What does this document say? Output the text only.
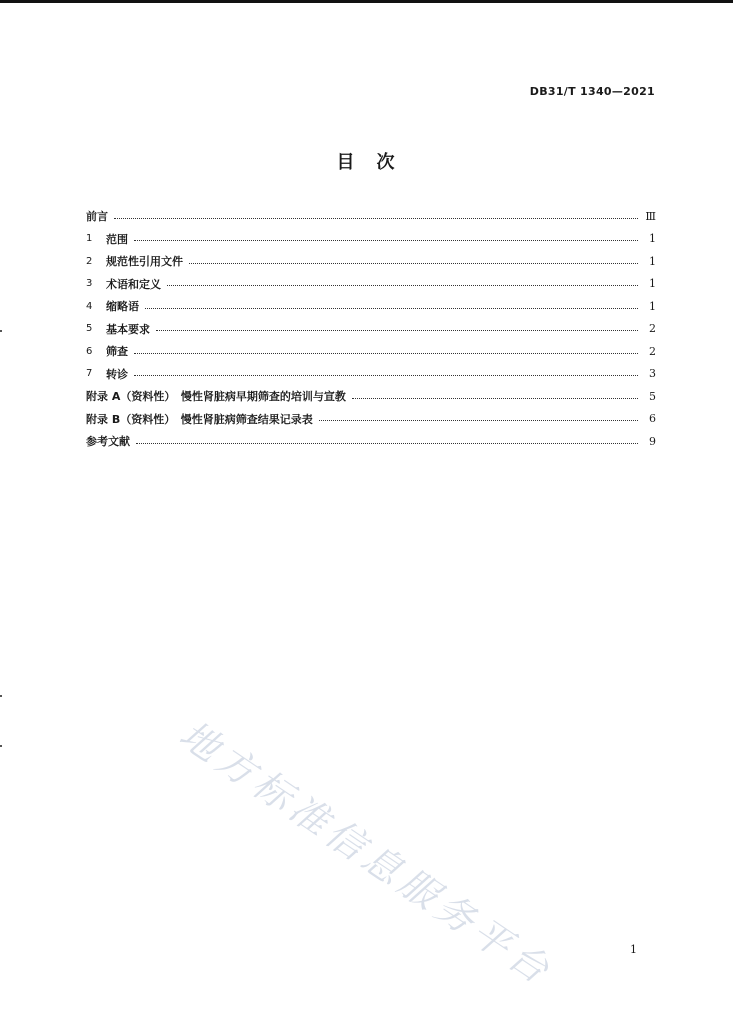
DB31/T 1340—2021
目　次
前言	Ⅲ
1	范围	1
2	规范性引用文件	1
3	术语和定义	1
4	缩略语	1
5	基本要求	2
6	筛查	2
7	转诊	3
附录 A（资料性）　慢性肾脏病早期筛查的培训与宣教	5
附录 B（资料性）　慢性肾脏病筛查结果记录表	6
参考文献	9
地方标准信息服务平台	1
